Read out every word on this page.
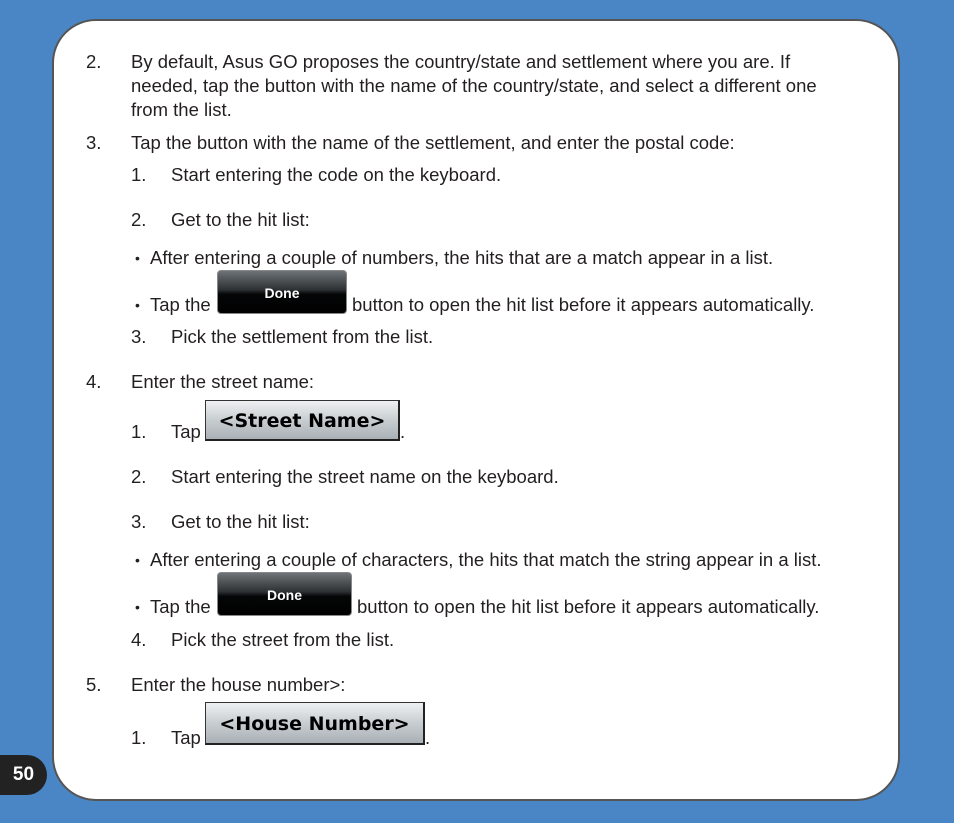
50
2. By default, Asus GO proposes the country/state and settlement where you are. If
needed, tap the button with the name of the country/state, and select a different one
from the list.
3. Tap the button with the name of the settlement, and enter the postal code:
1. Start entering the code on the keyboard.
2. Get to the hit list:
• After entering a couple of numbers, the hits that are a match appear in a list.
• Tap the
Done
button to open the hit list before it appears automatically.
3. Pick the settlement from the list.
4. Enter the street name:
1. Tap <Street Name> .
2. Start entering the street name on the keyboard.
3. Get to the hit list:
• After entering a couple of characters, the hits that match the string appear in a list.
• Tap the
Done
button to open the hit list before it appears automatically.
4. Pick the street from the list.
5. Enter the house number>:
1. Tap
<House Number>
.
